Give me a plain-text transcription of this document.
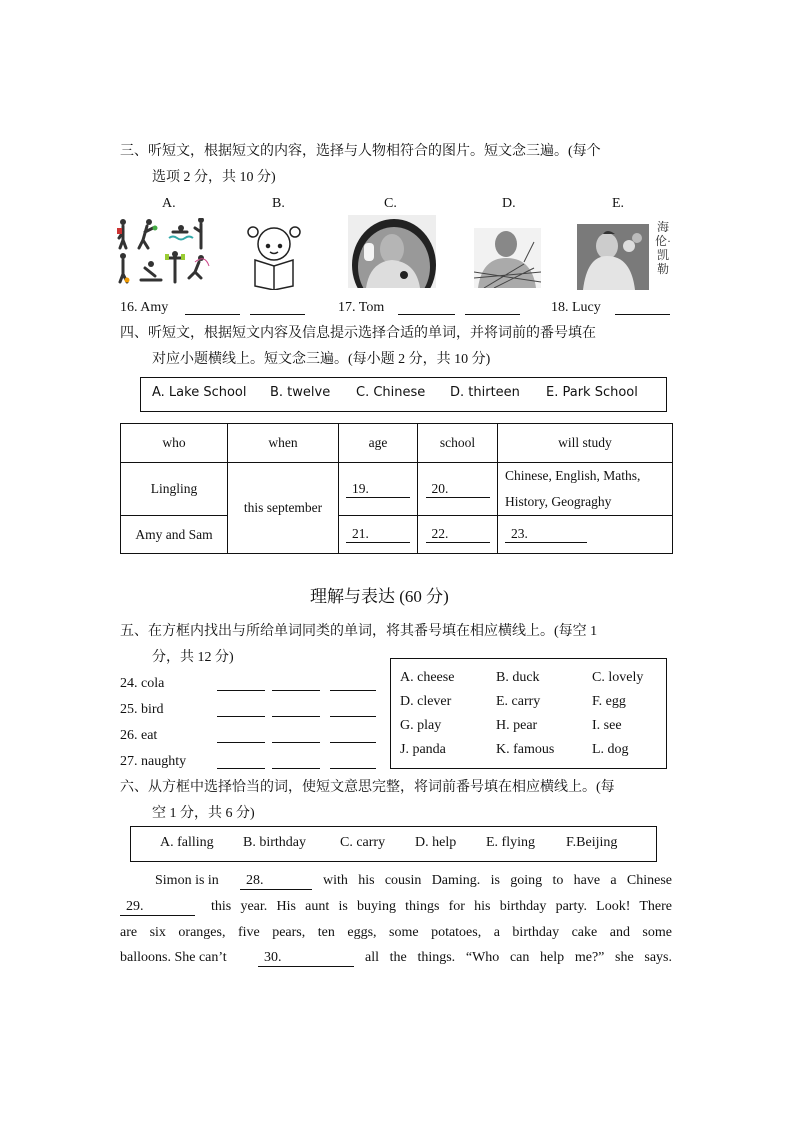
三、听短文，根据短文的内容，选择与人物相符合的图片。短文念三遍。(每个
选项 2 分，共 10 分)
A.	B.	C.	D.	E.
海伦·凯勒
16. Amy	17. Tom	18. Lucy
四、听短文，根据短文内容及信息提示选择合适的单词，并将词前的番号填在
对应小题横线上。短文念三遍。(每小题 2 分，共 10 分)
A. Lake School B. twelve C. Chinese D. thirteen E. Park School
who	when	age	school	will study
Lingling	this september	19.	20.	Chinese, English, Maths,
History, Geograghy

Amy and Sam		21.	22.	23.
理解与表达 (60 分)
五、在方框内找出与所给单词同类的单词，将其番号填在相应横线上。(每空 1
分，共 12 分)
24. cola
25. bird
26. eat
27. naughty
A. cheese	B. duck	C. lovely
D. clever	E. carry	F. egg
G. play	H. pear	I. see
J. panda	K. famous	L. dog
六、从方框中选择恰当的词，使短文意思完整，将词前番号填在相应横线上。(每
空 1 分，共 6 分)
A. falling B. birthday C. carry D. help E. flying F.Beijing
Simon is in	28.	with his cousin Daming. is going to have a Chinese
29.	this year. His aunt is buying things for his birthday party. Look! There
are six oranges, five pears, ten eggs, some potatoes, a birthday cake and some
balloons. She can’t	30.	all the things. “Who can help me?” she says.
